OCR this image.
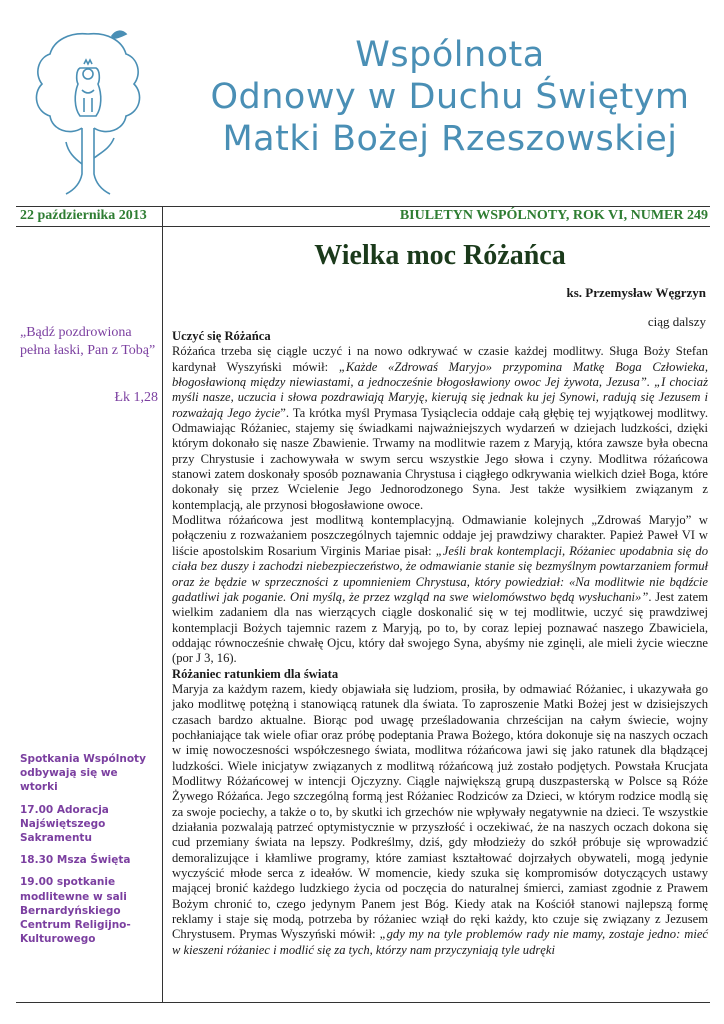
Wspólnota
Odnowy w Duchu Świętym
Matki Bożej Rzeszowskiej
22 października 2013	BIULETYN WSPÓLNOTY, ROK VI, NUMER 249
Wielka moc Różańca
ks. Przemysław Węgrzyn
ciąg dalszy
„Bądź pozdrowiona pełna łaski, Pan z Tobą”
Łk 1,28

Spotkania Wspólnoty odbywają się we wtorki

17.00 Adoracja Najświętszego Sakramentu

18.30 Msza Święta

19.00 spotkanie modlitewne w sali Bernardyńskiego Centrum Religijno-Kulturowego

Uczyć się Różańca

Różańca trzeba się ciągle uczyć i na nowo odkrywać w czasie każdej modlitwy. Sługa Boży Stefan kardynał Wyszyński mówił: „Każde «Zdrowaś Maryjo» przypomina Matkę Boga Człowieka, błogosławioną między niewiastami, a jednocześnie błogosławiony owoc Jej żywota, Jezusa”. „I chociaż myśli nasze, uczucia i słowa pozdrawiają Maryję, kierują się jednak ku jej Synowi, radują się Jezusem i rozważają Jego życie”. Ta krótka myśl Prymasa Tysiąclecia oddaje całą głębię tej wyjątkowej modlitwy. Odmawiając Różaniec, stajemy się świadkami najważniejszych wydarzeń w dziejach ludzkości, dzięki którym dokonało się nasze Zbawienie. Trwamy na modlitwie razem z Maryją, która zawsze była obecna przy Chrystusie i zachowywała w swym sercu wszystkie Jego słowa i czyny. Modlitwa różańcowa stanowi zatem doskonały sposób poznawania Chrystusa i ciągłego odkrywania wielkich dzieł Boga, które dokonały się przez Wcielenie Jego Jednorodzonego Syna. Jest także wysiłkiem związanym z kontemplacją, ale przynosi błogosławione owoce.

Modlitwa różańcowa jest modlitwą kontemplacyjną. Odmawianie kolejnych „Zdrowaś Maryjo” w połączeniu z rozważaniem poszczególnych tajemnic oddaje jej prawdziwy charakter. Papież Paweł VI w liście apostolskim Rosarium Virginis Mariae pisał: „Jeśli brak kontemplacji, Różaniec upodabnia się do ciała bez duszy i zachodzi niebezpieczeństwo, że odmawianie stanie się bezmyślnym powtarzaniem formuł oraz że będzie w sprzeczności z upomnieniem Chrystusa, który powiedział: «Na modlitwie nie bądźcie gadatliwi jak poganie. Oni myślą, że przez wzgląd na swe wielomówstwo będą wysłuchani»”. Jest zatem wielkim zadaniem dla nas wierzących ciągle doskonalić się w tej modlitwie, uczyć się prawdziwej kontemplacji Bożych tajemnic razem z Maryją, po to, by coraz lepiej poznawać naszego Zbawiciela, oddając równocześnie chwałę Ojcu, który dał swojego Syna, abyśmy nie zginęli, ale mieli życie wieczne (por J 3, 16).

Różaniec ratunkiem dla świata

Maryja za każdym razem, kiedy objawiała się ludziom, prosiła, by odmawiać Różaniec, i ukazywała go jako modlitwę potężną i stanowiącą ratunek dla świata. To zaproszenie Matki Bożej jest w dzisiejszych czasach bardzo aktualne. Biorąc pod uwagę prześladowania chrześcijan na całym świecie, wojny pochłaniające tak wiele ofiar oraz próbę podeptania Prawa Bożego, która dokonuje się na naszych oczach w imię nowoczesności współczesnego świata, modlitwa różańcowa jawi się jako ratunek dla błądzącej ludzkości. Wiele inicjatyw związanych z modlitwą różańcową już zostało podjętych. Powstała Krucjata Modlitwy Różańcowej w intencji Ojczyzny. Ciągle największą grupą duszpasterską w Polsce są Róże Żywego Różańca. Jego szczególną formą jest Różaniec Rodziców za Dzieci, w którym rodzice modlą się za swoje pociechy, a także o to, by skutki ich grzechów nie wpływały negatywnie na dzieci. Te wszystkie działania pozwalają patrzeć optymistycznie w przyszłość i oczekiwać, że na naszych oczach dokona się cud przemiany świata na lepszy. Podkreślmy, dziś, gdy młodzieży do szkół próbuje się wprowadzić demoralizujące i kłamliwe programy, które zamiast kształtować dojrzałych obywateli, mogą jedynie wyczyścić młode serca z ideałów. W momencie, kiedy szuka się kompromisów dotyczących ustawy mającej bronić każdego ludzkiego życia od poczęcia do naturalnej śmierci, zamiast zgodnie z Prawem Bożym chronić to, czego jedynym Panem jest Bóg. Kiedy atak na Kościół stanowi najlepszą formę reklamy i staje się modą, potrzeba by różaniec wziął do ręki każdy, kto czuje się związany z Jezusem Chrystusem. Prymas Wyszyński mówił: „gdy my na tyle problemów rady nie mamy, zostaje jedno: mieć w kieszeni różaniec i modlić się za tych, którzy nam przyczyniają tyle udręki
